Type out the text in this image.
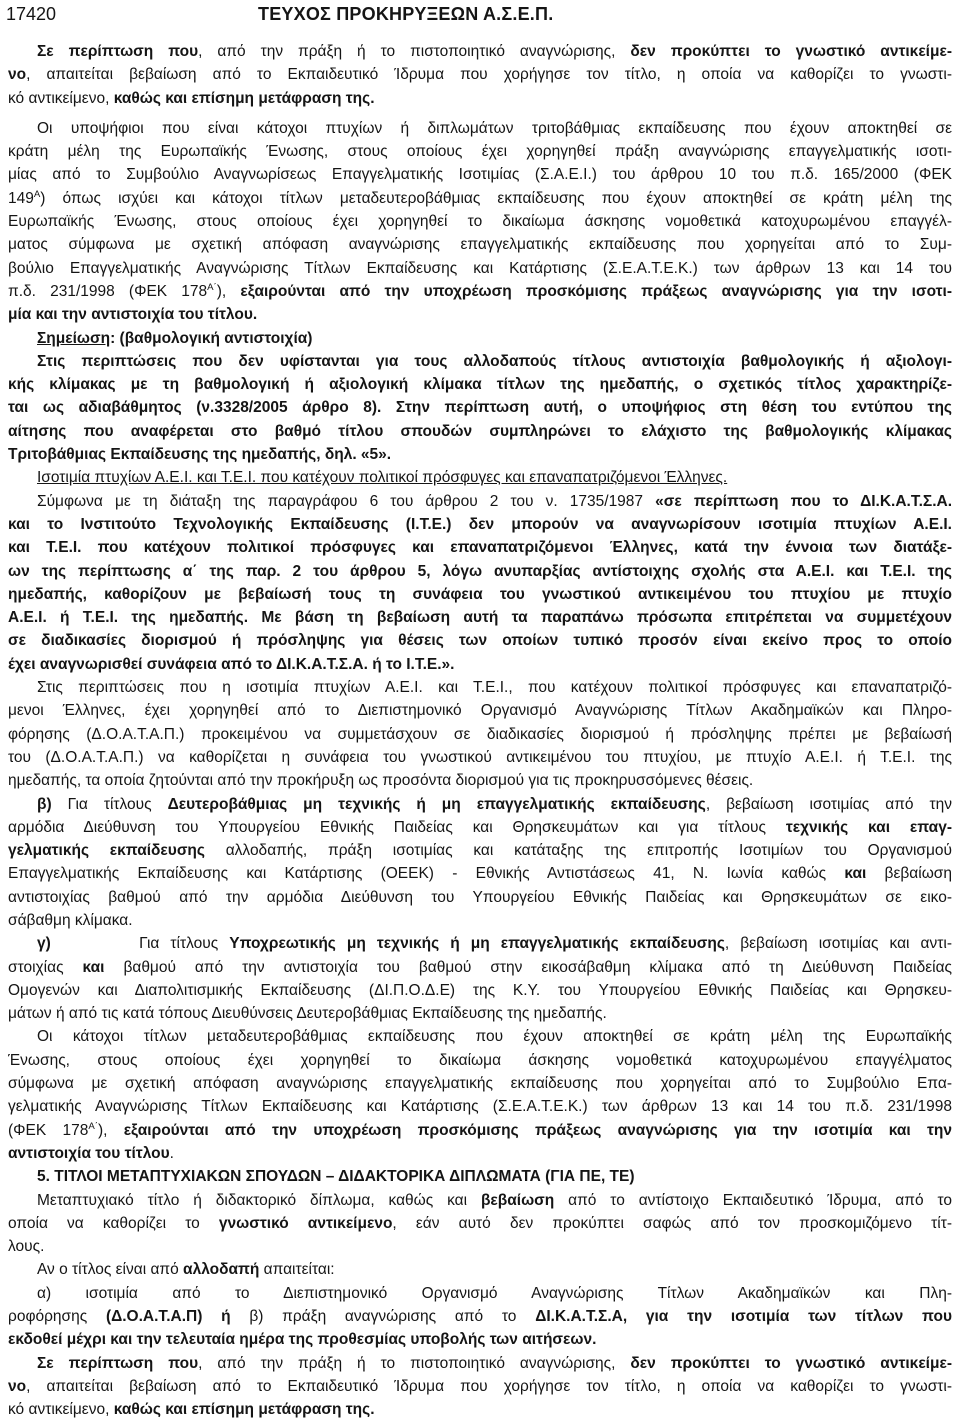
17420	ΤΕΥΧΟΣ ΠΡΟΚΗΡΥΞΕΩΝ Α.Σ.Ε.Π.
Σε περίπτωση που, από την πράξη ή το πιστοποιητικό αναγνώρισης, δεν προκύπτει το γνωστικό αντικείμε-
νο, απαιτείται βεβαίωση από το Εκπαιδευτικό Ίδρυμα που χορήγησε τον τίτλο, η οποία να καθορίζει το γνωστι-
κό αντικείμενο, καθώς και επίσημη μετάφραση της.
Οι υποψήφιοι που είναι κάτοχοι πτυχίων ή διπλωμάτων τριτοβάθμιας εκπαίδευσης που έχουν αποκτηθεί σε
κράτη μέλη της Ευρωπαϊκής Ένωσης, στους οποίους έχει χορηγηθεί πράξη αναγνώρισης επαγγελματικής ισοτι-
μίας από το Συμβούλιο Αναγνωρίσεως Επαγγελματικής Ισοτιμίας (Σ.Α.Ε.Ι.) του άρθρου 10 του π.δ. 165/2000 (ΦΕΚ
$149^A$) όπως ισχύει και κάτοχοι τίτλων μεταδευτεροβάθμιας εκπαίδευσης που έχουν αποκτηθεί σε κράτη μέλη της
Ευρωπαϊκής Ένωσης, στους οποίους έχει χορηγηθεί το δικαίωμα άσκησης νομοθετικά κατοχυρωμένου επαγγέλ-
ματος σύμφωνα με σχετική απόφαση αναγνώρισης επαγγελματικής εκπαίδευσης που χορηγείται από το Συμ-
βούλιο Επαγγελματικής Αναγνώρισης Τίτλων Εκπαίδευσης και Κατάρτισης (Σ.Ε.Α.Τ.Ε.Κ.) των άρθρων 13 και 14 του
π.δ. 231/1998 (ΦΕΚ $178^{A΄}$), εξαιρούνται από την υποχρέωση προσκόμισης πράξεως αναγνώρισης για την ισοτι-
μία και την αντιστοιχία του τίτλου.
Σημείωση: (βαθμολογική αντιστοιχία)
Στις περιπτώσεις που δεν υφίστανται για τους αλλοδαπούς τίτλους αντιστοιχία βαθμολογικής ή αξιολογι-
κής κλίμακας με τη βαθμολογική ή αξιολογική κλίμακα τίτλων της ημεδαπής, ο σχετικός τίτλος χαρακτηρίζε-
ται ως αδιαβάθμητος (ν.3328/2005 άρθρο 8). Στην περίπτωση αυτή, ο υποψήφιος στη θέση του εντύπου της
αίτησης που αναφέρεται στο βαθμό τίτλου σπουδών συμπληρώνει το ελάχιστο της βαθμολογικής κλίμακας
Τριτοβάθμιας Εκπαίδευσης της ημεδαπής, δηλ. «5».
Ισοτιμία πτυχίων Α.Ε.Ι. και Τ.Ε.Ι. που κατέχουν πολιτικοί πρόσφυγες και επαναπατριζόμενοι Έλληνες.
Σύμφωνα με τη διάταξη της παραγράφου 6 του άρθρου 2 του ν. 1735/1987 «σε περίπτωση που το ΔΙ.Κ.Α.Τ.Σ.Α.
και το Ινστιτούτο Τεχνολογικής Εκπαίδευσης (Ι.Τ.Ε.) δεν μπορούν να αναγνωρίσουν ισοτιμία πτυχίων Α.Ε.Ι.
και Τ.Ε.Ι. που κατέχουν πολιτικοί πρόσφυγες και επαναπατριζόμενοι Έλληνες, κατά την έννοια των διατάξε-
ων της περίπτωσης α΄ της παρ. 2 του άρθρου 5, λόγω ανυπαρξίας αντίστοιχης σχολής στα Α.Ε.Ι. και Τ.Ε.Ι. της
ημεδαπής, καθορίζουν με βεβαίωσή τους τη συνάφεια του γνωστικού αντικειμένου του πτυχίου με πτυχίο
Α.Ε.Ι. ή Τ.Ε.Ι. της ημεδαπής. Με βάση τη βεβαίωση αυτή τα παραπάνω πρόσωπα επιτρέπεται να συμμετέχουν
σε διαδικασίες διορισμού ή πρόσληψης για θέσεις των οποίων τυπικό προσόν είναι εκείνο προς το οποίο
έχει αναγνωρισθεί συνάφεια από το ΔΙ.Κ.Α.Τ.Σ.Α. ή το Ι.Τ.Ε.».
Στις περιπτώσεις που η ισοτιμία πτυχίων Α.Ε.Ι. και Τ.Ε.Ι., που κατέχουν πολιτικοί πρόσφυγες και επαναπατριζό-
μενοι Έλληνες, έχει χορηγηθεί από το Διεπιστημονικό Οργανισμό Αναγνώρισης Τίτλων Ακαδημαϊκών και Πληρο-
φόρησης (Δ.Ο.Α.Τ.Α.Π.) προκειμένου να συμμετάσχουν σε διαδικασίες διορισμού ή πρόσληψης πρέπει με βεβαίωσή
του (Δ.Ο.Α.Τ.Α.Π.) να καθορίζεται η συνάφεια του γνωστικού αντικειμένου του πτυχίου, με πτυχίο Α.Ε.Ι. ή Τ.Ε.Ι. της
ημεδαπής, τα οποία ζητούνται από την προκήρυξη ως προσόντα διορισμού για τις προκηρυσσόμενες θέσεις.
β) Για τίτλους Δευτεροβάθμιας μη τεχνικής ή μη επαγγελματικής εκπαίδευσης, βεβαίωση ισοτιμίας από την
αρμόδια Διεύθυνση του Υπουργείου Εθνικής Παιδείας και Θρησκευμάτων και για τίτλους τεχνικής και επαγ-
γελματικής εκπαίδευσης αλλοδαπής, πράξη ισοτιμίας και κατάταξης της επιτροπής Ισοτιμίων του Οργανισμού
Επαγγελματικής Εκπαίδευσης και Κατάρτισης (ΟΕΕΚ) - Εθνικής Αντιστάσεως 41, Ν. Ιωνία καθώς και βεβαίωση
αντιστοιχίας βαθμού από την αρμόδια Διεύθυνση του Υπουργείου Εθνικής Παιδείας και Θρησκευμάτων σε εικο-
σάβαθμη κλίμακα.
γ)        Για τίτλους Υποχρεωτικής μη τεχνικής ή μη επαγγελματικής εκπαίδευσης, βεβαίωση ισοτιμίας και αντι-
στοιχίας και βαθμού από την αντιστοιχία του βαθμού στην εικοσάβαθμη κλίμακα από τη Διεύθυνση Παιδείας
Ομογενών και Διαπολιτισμικής Εκπαίδευσης (ΔΙ.Π.Ο.Δ.Ε) της Κ.Υ. του Υπουργείου Εθνικής Παιδείας και Θρησκευ-
μάτων ή από τις κατά τόπους Διευθύνσεις Δευτεροβάθμιας Εκπαίδευσης της ημεδαπής.
Οι κάτοχοι τίτλων μεταδευτεροβάθμιας εκπαίδευσης που έχουν αποκτηθεί σε κράτη μέλη της Ευρωπαϊκής
Ένωσης, στους οποίους έχει χορηγηθεί το δικαίωμα άσκησης νομοθετικά κατοχυρωμένου επαγγέλματος
σύμφωνα με σχετική απόφαση αναγνώρισης επαγγελματικής εκπαίδευσης που χορηγείται από το Συμβούλιο Επα-
γελματικής Αναγνώρισης Τίτλων Εκπαίδευσης και Κατάρτισης (Σ.Ε.Α.Τ.Ε.Κ.) των άρθρων 13 και 14 του π.δ. 231/1998
(ΦΕΚ $178^{A΄}$), εξαιρούνται από την υποχρέωση προσκόμισης πράξεως αναγνώρισης για την ισοτιμία και την
αντιστοιχία του τίτλου.
5. ΤΙΤΛΟΙ ΜΕΤΑΠΤΥΧΙΑΚΩΝ ΣΠΟΥΔΩΝ – ΔΙΔΑΚΤΟΡΙΚΑ ΔΙΠΛΩΜΑΤΑ (ΓΙΑ ΠΕ, ΤΕ)
Μεταπτυχιακό τίτλο ή διδακτορικό δίπλωμα, καθώς και βεβαίωση από το αντίστοιχο Εκπαιδευτικό Ίδρυμα, από το
οποία να καθορίζει το γνωστικό αντικείμενο, εάν αυτό δεν προκύπτει σαφώς από τον προσκομιζόμενο τίτ-
λους.
Αν ο τίτλος είναι από αλλοδαπή απαιτείται:
α) ισοτιμία από το Διεπιστημονικό Οργανισμό Αναγνώρισης Τίτλων Ακαδημαϊκών και Πλη-
ροφόρησης (Δ.Ο.Α.Τ.Α.Π) ή β) πράξη αναγνώρισης από το ΔΙ.Κ.Α.Τ.Σ.Α, για την ισοτιμία των τίτλων που
εκδοθεί μέχρι και την τελευταία ημέρα της προθεσμίας υποβολής των αιτήσεων.
Σε περίπτωση που, από την πράξη ή το πιστοποιητικό αναγνώρισης, δεν προκύπτει το γνωστικό αντικείμε-
νο, απαιτείται βεβαίωση από το Εκπαιδευτικό Ίδρυμα που χορήγησε τον τίτλο, η οποία να καθορίζει το γνωστι-
κό αντικείμενο, καθώς και επίσημη μετάφραση της.
